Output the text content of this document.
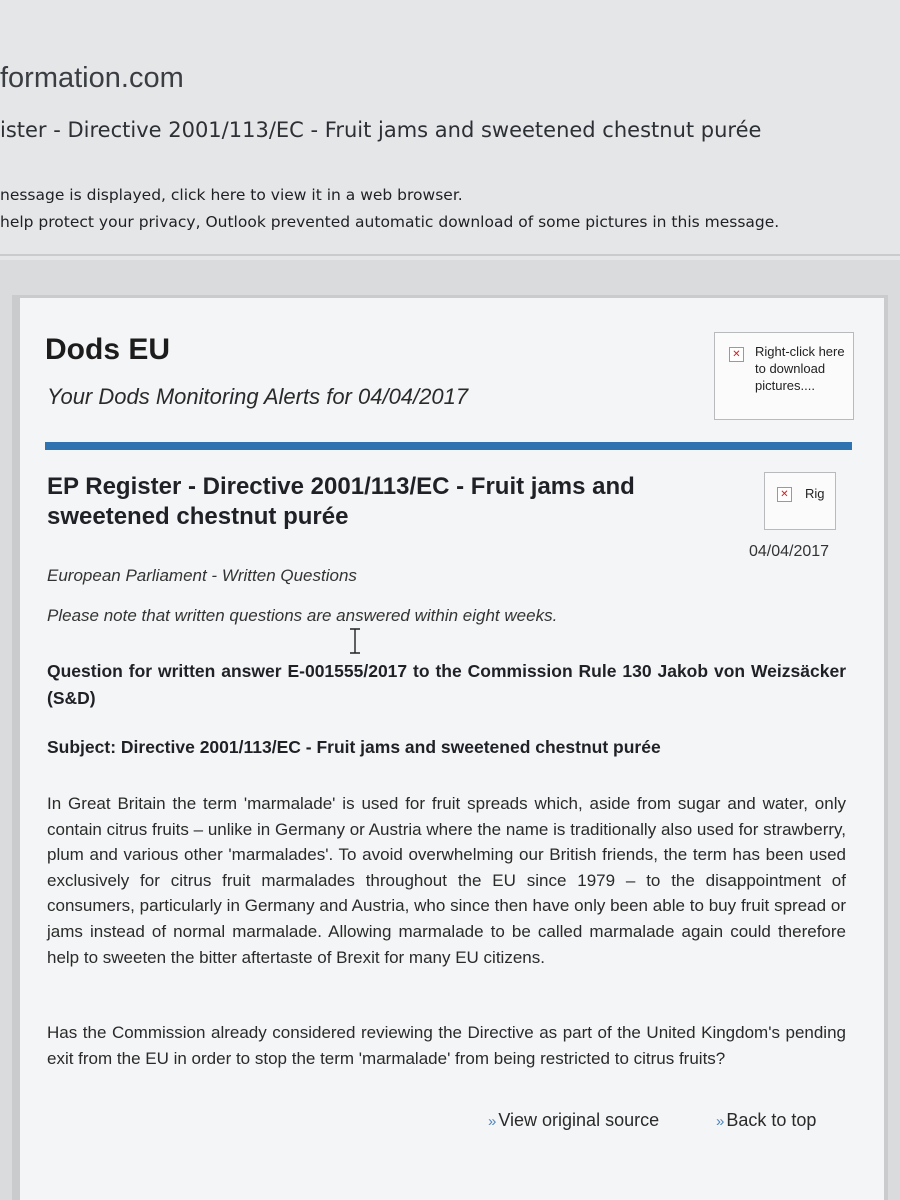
formation.com
ister - Directive 2001/113/EC - Fruit jams and sweetened chestnut purée
nessage is displayed, click here to view it in a web browser.
help protect your privacy, Outlook prevented automatic download of some pictures in this message.
Dods EU
Your Dods Monitoring Alerts for 04/04/2017
✕ Right-click here to download pictures....
EP Register - Directive 2001/113/EC - Fruit jams and sweetened chestnut purée
✕ Rig
04/04/2017
European Parliament - Written Questions
Please note that written questions are answered within eight weeks.
Question for written answer E-001555/2017 to the Commission Rule 130 Jakob von Weizsäcker (S&D)
Subject: Directive 2001/113/EC - Fruit jams and sweetened chestnut purée
In Great Britain the term 'marmalade' is used for fruit spreads which, aside from sugar and water, only contain citrus fruits – unlike in Germany or Austria where the name is traditionally also used for strawberry, plum and various other 'marmalades'. To avoid overwhelming our British friends, the term has been used exclusively for citrus fruit marmalades throughout the EU since 1979 – to the disappointment of consumers, particularly in Germany and Austria, who since then have only been able to buy fruit spread or jams instead of normal marmalade. Allowing marmalade to be called marmalade again could therefore help to sweeten the bitter aftertaste of Brexit for many EU citizens.
Has the Commission already considered reviewing the Directive as part of the United Kingdom's pending exit from the EU in order to stop the term 'marmalade' from being restricted to citrus fruits?
» View original source	» Back to top
